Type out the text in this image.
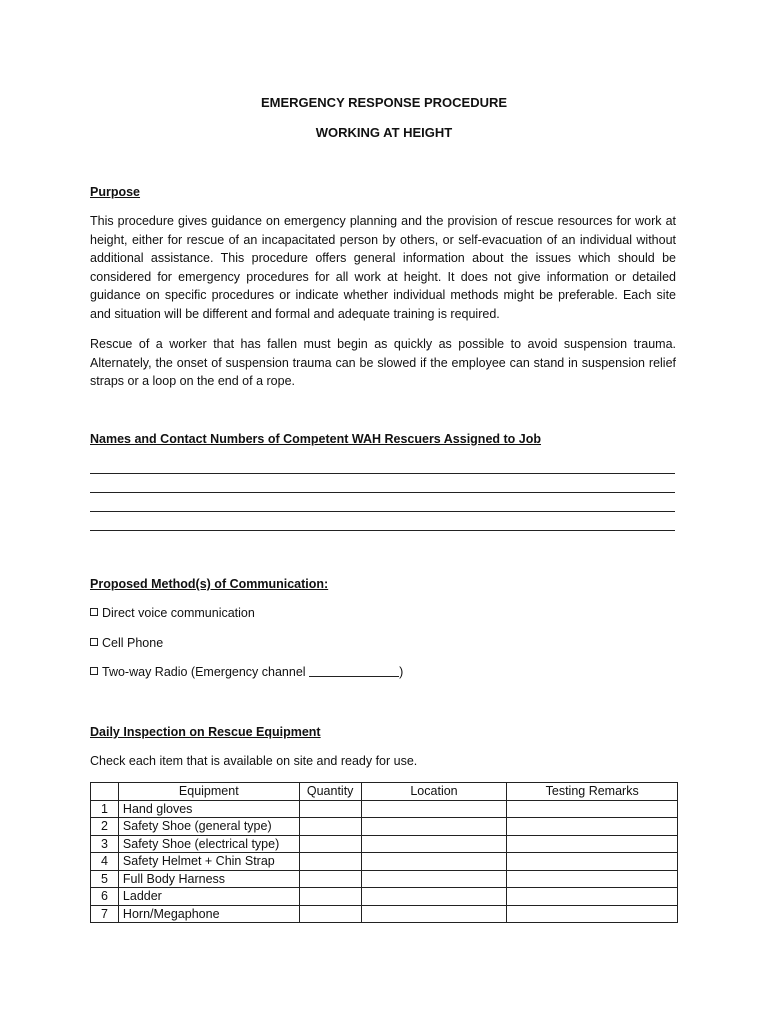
EMERGENCY RESPONSE PROCEDURE
WORKING AT HEIGHT
Purpose

This procedure gives guidance on emergency planning and the provision of rescue resources for work at height, either for rescue of an incapacitated person by others, or self-evacuation of an individual without additional assistance. This procedure offers general information about the issues which should be considered for emergency procedures for all work at height. It does not give information or detailed guidance on specific procedures or indicate whether individual methods might be preferable. Each site and situation will be different and formal and adequate training is required.

Rescue of a worker that has fallen must begin as quickly as possible to avoid suspension trauma. Alternately, the onset of suspension trauma can be slowed if the employee can stand in suspension relief straps or a loop on the end of a rope.

Names and Contact Numbers of Competent WAH Rescuers Assigned to Job
Proposed Method(s) of Communication:
Direct voice communication
Cell Phone
Two-way Radio (Emergency channel	)
Daily Inspection on Rescue Equipment
Check each item that is available on site and ready for use.
	Equipment	Quantity	Location	Testing Remarks
1	Hand gloves			
2	Safety Shoe (general type)			
3	Safety Shoe (electrical type)			
4	Safety Helmet + Chin Strap			
5	Full Body Harness			
6	Ladder			
7	Horn/Megaphone			
